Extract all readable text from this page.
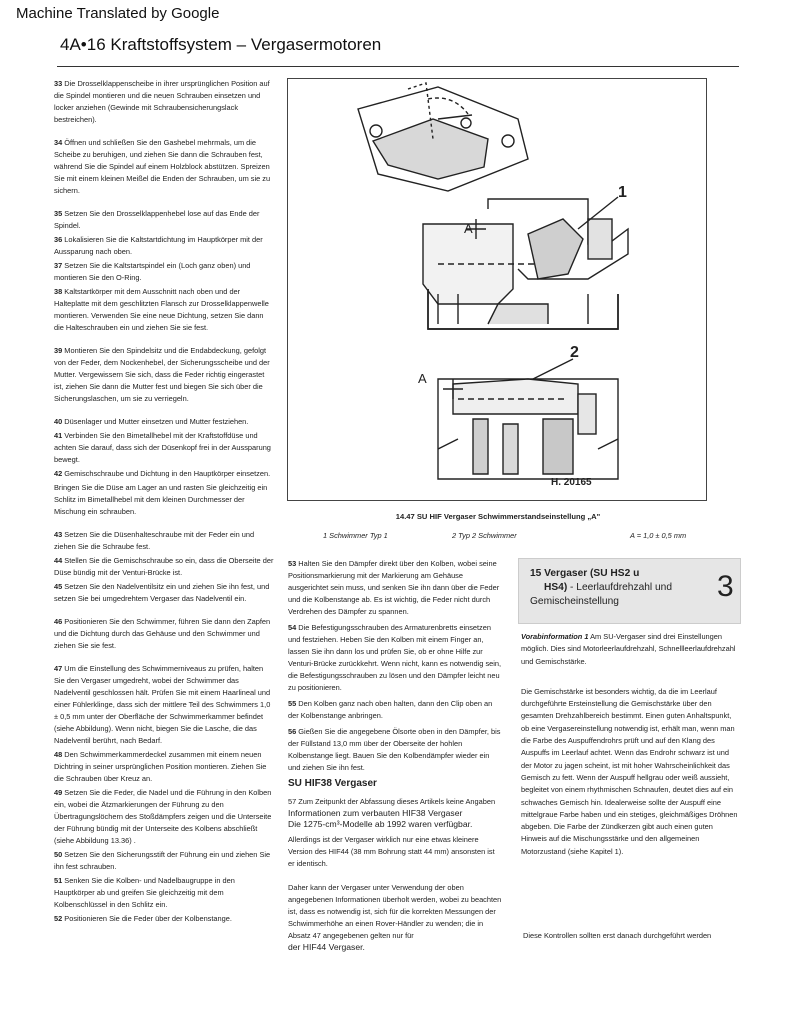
Machine Translated by Google
4A•16 Kraftstoffsystem – Vergasermotoren

33 Die Drosselklappenscheibe in ihrer ursprünglichen Position auf die Spindel montieren und die neuen Schrauben einsetzen und locker anziehen (Gewinde mit Schraubensicherungslack bestreichen).

34 Öffnen und schließen Sie den Gashebel mehrmals, um die Scheibe zu beruhigen, und ziehen Sie dann die Schrauben fest, während Sie die Spindel auf einem Holzblock abstützen. Spreizen Sie mit einem kleinen Meißel die Enden der Schrauben, um sie zu sichern.

35 Setzen Sie den Drosselklappenhebel lose auf das Ende der Spindel.

36 Lokalisieren Sie die Kaltstartdichtung im Hauptkörper mit der Aussparung nach oben.

37 Setzen Sie die Kaltstartspindel ein (Loch ganz oben) und montieren Sie den O-Ring.

38 Kaltstartkörper mit dem Ausschnitt nach oben und der Halteplatte mit dem geschlitzten Flansch zur Drosselklappenwelle montieren. Verwenden Sie eine neue Dichtung, setzen Sie dann die Halteschrauben ein und ziehen Sie sie fest.

39 Montieren Sie den Spindelsitz und die Endabdeckung, gefolgt von der Feder, dem Nockenhebel, der Sicherungsscheibe und der Mutter. Vergewissern Sie sich, dass die Feder richtig eingerastet ist, ziehen Sie dann die Mutter fest und biegen Sie sich über die Sicherungslaschen, um sie zu verriegeln.

40 Düsenlager und Mutter einsetzen und Mutter festziehen.

41 Verbinden Sie den Bimetallhebel mit der Kraftstoffdüse und achten Sie darauf, dass sich der Düsenkopf frei in der Aussparung bewegt.

42 Gemischschraube und Dichtung in den Hauptkörper einsetzen.

Bringen Sie die Düse am Lager an und rasten Sie gleichzeitig ein Schlitz im Bimetallhebel mit dem kleinen Durchmesser der Mischung ein schrauben.

43 Setzen Sie die Düsenhalteschraube mit der Feder ein und ziehen Sie die Schraube fest.

44 Stellen Sie die Gemischschraube so ein, dass die Oberseite der Düse bündig mit der Venturi-Brücke ist.

45 Setzen Sie den Nadelventilsitz ein und ziehen Sie ihn fest, und setzen Sie bei umgedrehtem Vergaser das Nadelventil ein.

46 Positionieren Sie den Schwimmer, führen Sie dann den Zapfen und die Dichtung durch das Gehäuse und den Schwimmer und ziehen Sie sie fest.

47 Um die Einstellung des Schwimmerniveaus zu prüfen, halten Sie den Vergaser umgedreht, wobei der Schwimmer das Nadelventil geschlossen hält. Prüfen Sie mit einem Haarlineal und einer Fühlerklinge, dass sich der mittlere Teil des Schwimmers 1,0 ± 0,5 mm unter der Oberfläche der Schwimmerkammer befindet (siehe Abbildung). Wenn nicht, biegen Sie die Lasche, die das Nadelventil berührt, nach Bedarf.

48 Den Schwimmerkammerdeckel zusammen mit einem neuen Dichtring in seiner ursprünglichen Position montieren. Ziehen Sie die Schrauben über Kreuz an.

49 Setzen Sie die Feder, die Nadel und die Führung in den Kolben ein, wobei die Ätzmarkierungen der Führung zu den Übertragungslöchern des Stoßdämpfers zeigen und die Unterseite der Führung bündig mit der Unterseite des Kolbens abschließt (siehe Abbildung 13.36) .

50 Setzen Sie den Sicherungsstift der Führung ein und ziehen Sie ihn fest schrauben.

51 Senken Sie die Kolben- und Nadelbaugruppe in den Hauptkörper ab und greifen Sie gleichzeitig mit dem Kolbenschlüssel in den Schlitz ein.

52 Positionieren Sie die Feder über der Kolbenstange.

1
2
A
A
H. 20165
14.47 SU HIF Vergaser Schwimmerstandseinstellung „A"
1 Schwimmer Typ 1	2 Typ 2 Schwimmer	A = 1,0 ± 0,5 mm

53 Halten Sie den Dämpfer direkt über den Kolben, wobei seine Positionsmarkierung mit der Markierung am Gehäuse ausgerichtet sein muss, und senken Sie ihn dann über die Feder und die Kolbenstange ab. Es ist wichtig, die Feder nicht durch Verdrehen des Dämpfer zu spannen.

54 Die Befestigungsschrauben des Armaturenbretts einsetzen und festziehen. Heben Sie den Kolben mit einem Finger an, lassen Sie ihn dann los und prüfen Sie, ob er ohne Hilfe zur Venturi-Brücke zurückkehrt. Wenn nicht, kann es notwendig sein, die Befestigungsschrauben zu lösen und den Dämpfer leicht neu zu positionieren.

55 Den Kolben ganz nach oben halten, dann den Clip oben an der Kolbenstange anbringen.

56 Gießen Sie die angegebene Ölsorte oben in den Dämpfer, bis der Füllstand 13,0 mm über der Oberseite der hohlen Kolbenstange liegt. Bauen Sie den Kolbendämpfer wieder ein und ziehen Sie ihn fest.

SU HIF38 Vergaser

57 Zum Zeitpunkt der Abfassung dieses Artikels keine Angaben

Informationen zum verbauten HIF38 Vergaser

Die 1275-cm³-Modelle ab 1992 waren verfügbar.

Allerdings ist der Vergaser wirklich nur eine etwas kleinere Version des HIF44 (38 mm Bohrung statt 44 mm) ansonsten ist er identisch.

Daher kann der Vergaser unter Verwendung der oben angegebenen Informationen überholt werden, wobei zu beachten ist, dass es notwendig ist, sich für die korrekten Messungen der Schwimmerhöhe an einen Rover-Händler zu wenden; die in Absatz 47 angegebenen gelten nur für

der HIF44 Vergaser.

15 Vergaser (SU HS2 u
HS4) - Leerlaufdrehzahl und Gemischeinstellung	3

Vorabinformation 1 Am SU-Vergaser sind drei Einstellungen möglich. Dies sind Motorleerlaufdrehzahl, Schnellleerlaufdrehzahl und Gemischstärke.

Die Gemischstärke ist besonders wichtig, da die im Leerlauf durchgeführte Ersteinstellung die Gemischstärke über den gesamten Drehzahlbereich bestimmt. Einen guten Anhaltspunkt, ob eine Vergasereinstellung notwendig ist, erhält man, wenn man die Farbe des Auspuffendrohrs prüft und auf den Klang des Auspuffs im Leerlauf achtet. Wenn das Endrohr schwarz ist und der Motor zu jagen scheint, ist mit hoher Wahrscheinlichkeit das Gemisch zu fett. Wenn der Auspuff hellgrau oder weiß aussieht, begleitet von einem rhythmischen Schnaufen, deutet dies auf ein schwaches Gemisch hin. Idealerweise sollte der Auspuff eine mittelgraue Farbe haben und ein stetiges, gleichmäßiges Dröhnen abgeben. Die Farbe der Zündkerzen gibt auch einen guten Hinweis auf die Mischungsstärke und den allgemeinen Motorzustand (siehe Kapitel 1).

Diese Kontrollen sollten erst danach durchgeführt werden
